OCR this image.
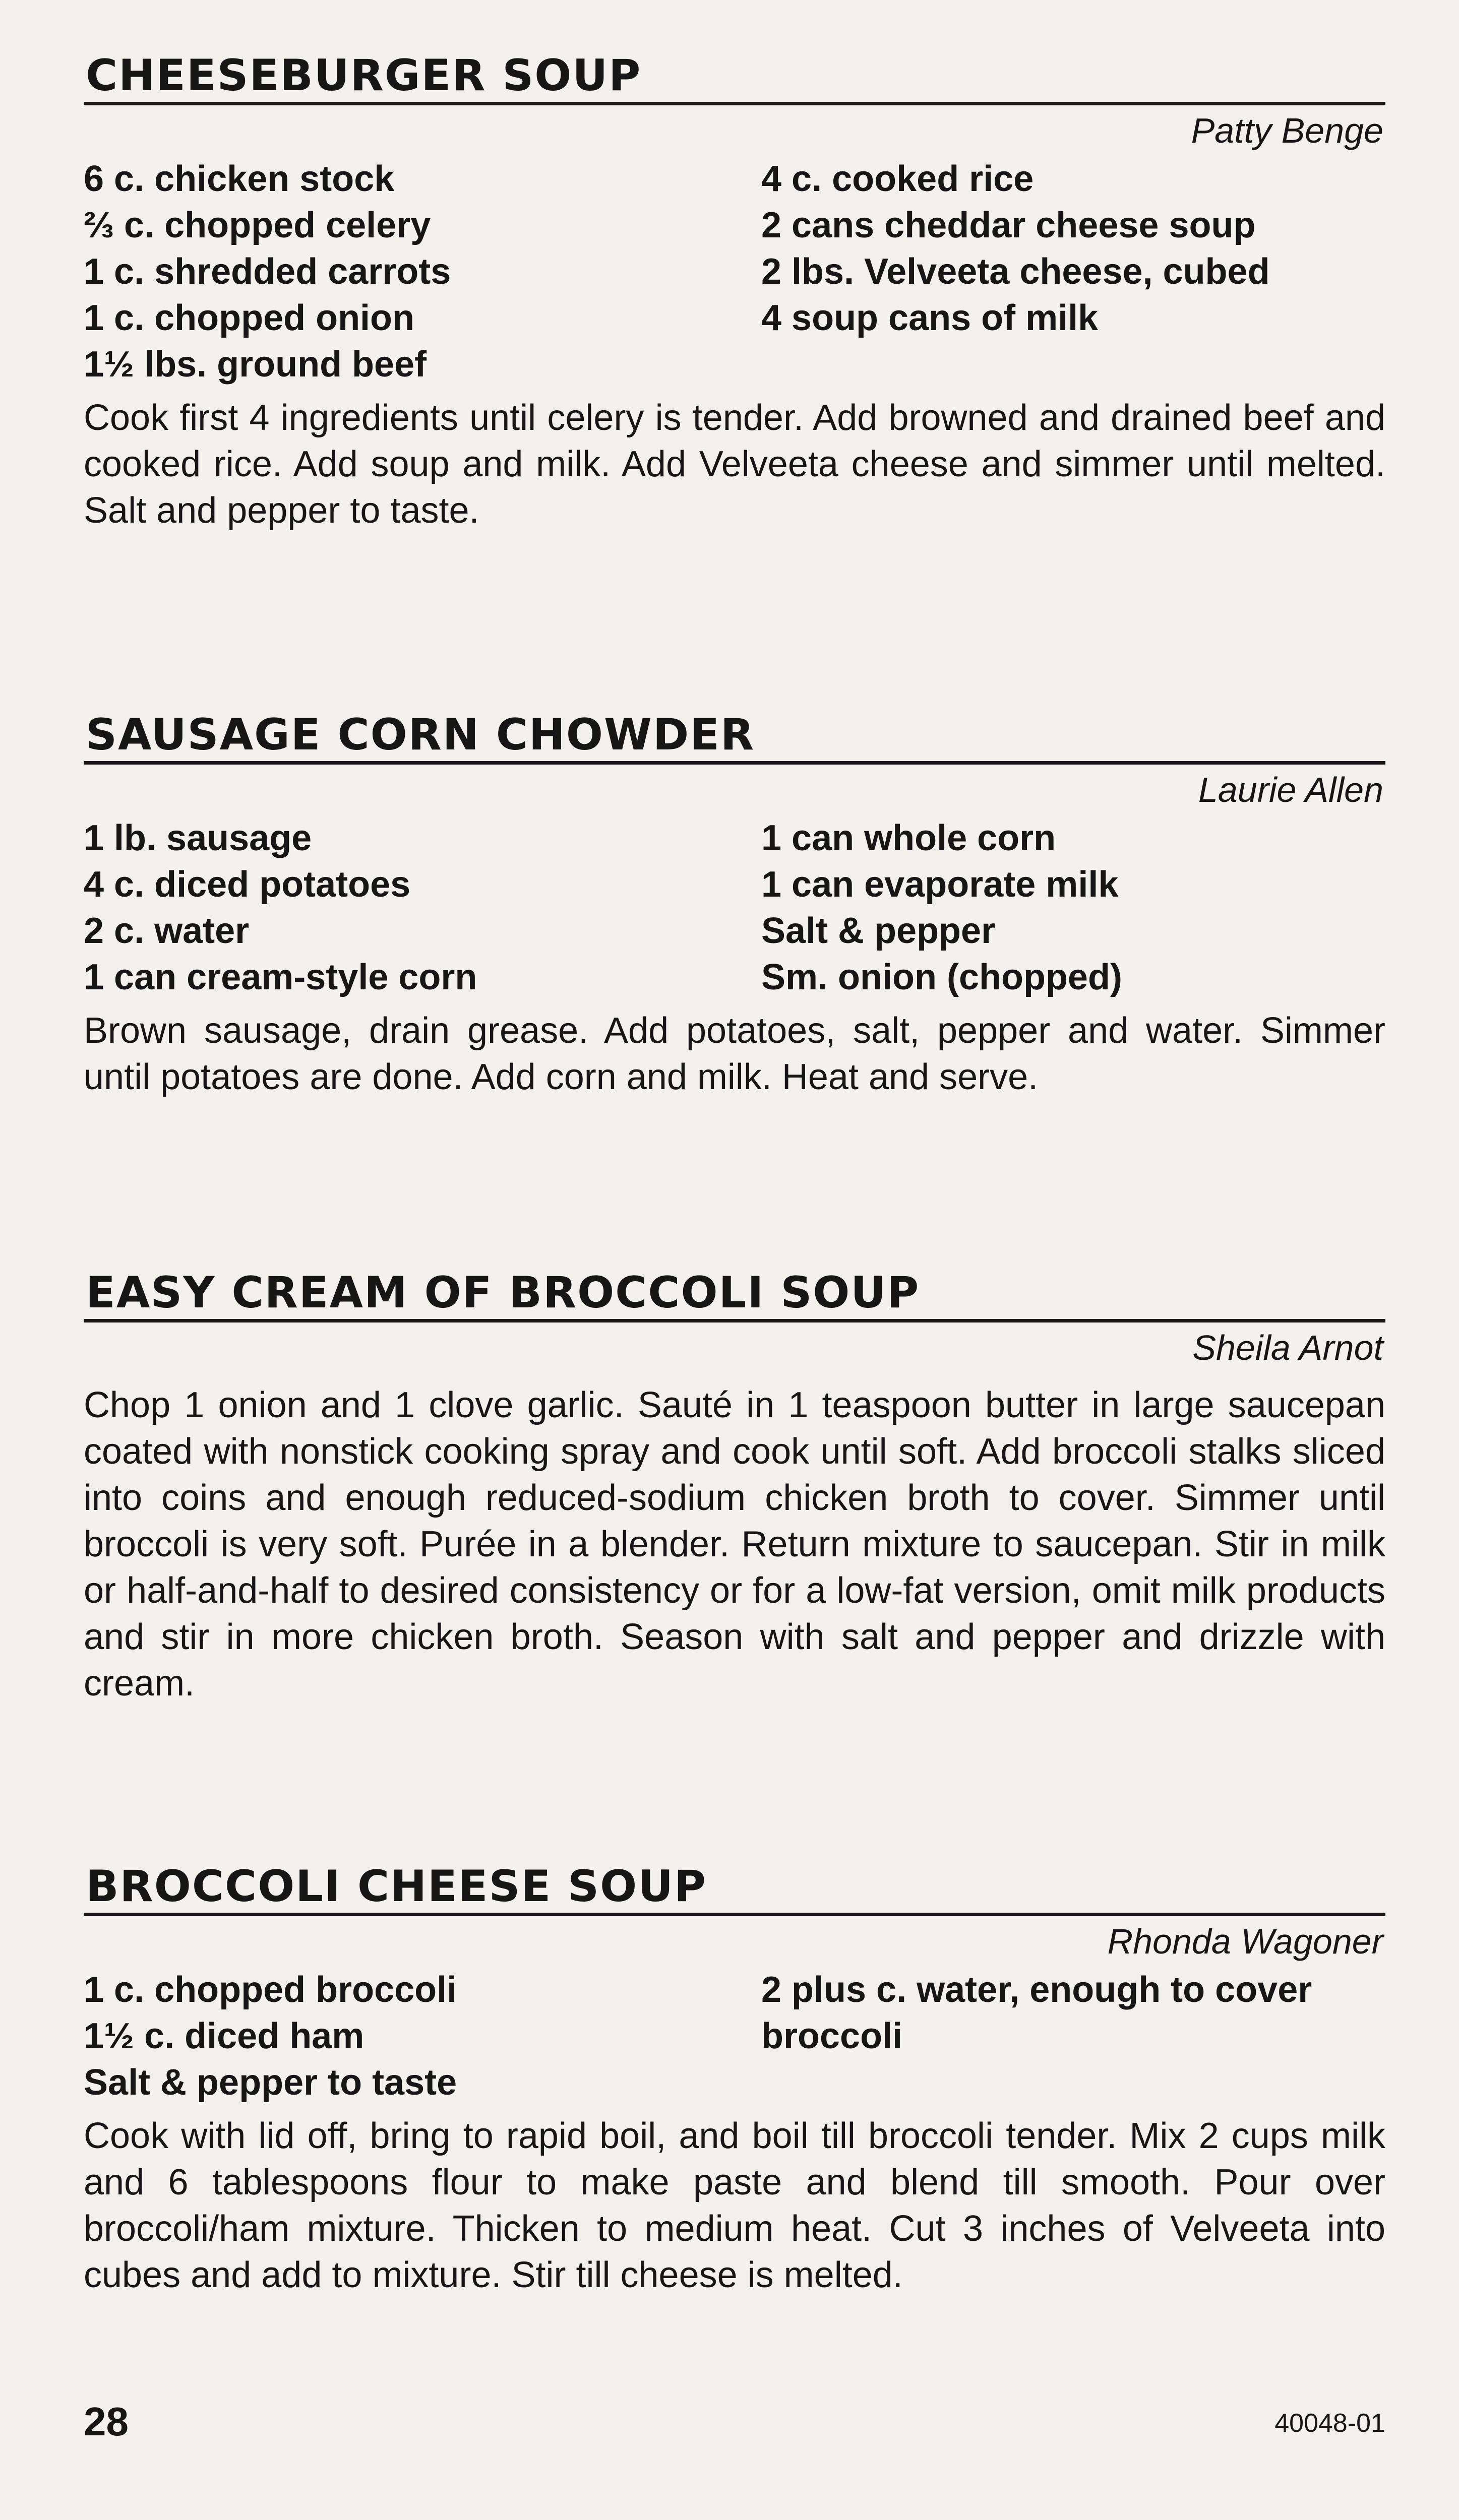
CHEESEBURGER SOUP
Patty Benge
6 c. chicken stock
⅔ c. chopped celery
1 c. shredded carrots
1 c. chopped onion
1½ lbs. ground beef
4 c. cooked rice
2 cans cheddar cheese soup
2 lbs. Velveeta cheese, cubed
4 soup cans of milk

Cook first 4 ingredients until celery is tender. Add browned and drained beef and cooked rice. Add soup and milk. Add Velveeta cheese and simmer until melted. Salt and pepper to taste.

SAUSAGE CORN CHOWDER
Laurie Allen
1 lb. sausage
4 c. diced potatoes
2 c. water
1 can cream-style corn
1 can whole corn
1 can evaporate milk
Salt & pepper
Sm. onion (chopped)

Brown sausage, drain grease. Add potatoes, salt, pepper and water. Simmer until potatoes are done. Add corn and milk. Heat and serve.

EASY CREAM OF BROCCOLI SOUP
Sheila Arnot

Chop 1 onion and 1 clove garlic. Sauté in 1 teaspoon butter in large saucepan coated with nonstick cooking spray and cook until soft. Add broccoli stalks sliced into coins and enough reduced-sodium chicken broth to cover. Simmer until broccoli is very soft. Purée in a blender. Return mixture to saucepan. Stir in milk or half-and-half to desired consistency or for a low-fat version, omit milk products and stir in more chicken broth. Season with salt and pepper and drizzle with cream.

BROCCOLI CHEESE SOUP
Rhonda Wagoner
1 c. chopped broccoli
1½ c. diced ham
Salt & pepper to taste
2 plus c. water, enough to cover broccoli

Cook with lid off, bring to rapid boil, and boil till broccoli tender. Mix 2 cups milk and 6 tablespoons flour to make paste and blend till smooth. Pour over broccoli/ham mixture. Thicken to medium heat. Cut 3 inches of Velveeta into cubes and add to mixture. Stir till cheese is melted.

28	40048-01
